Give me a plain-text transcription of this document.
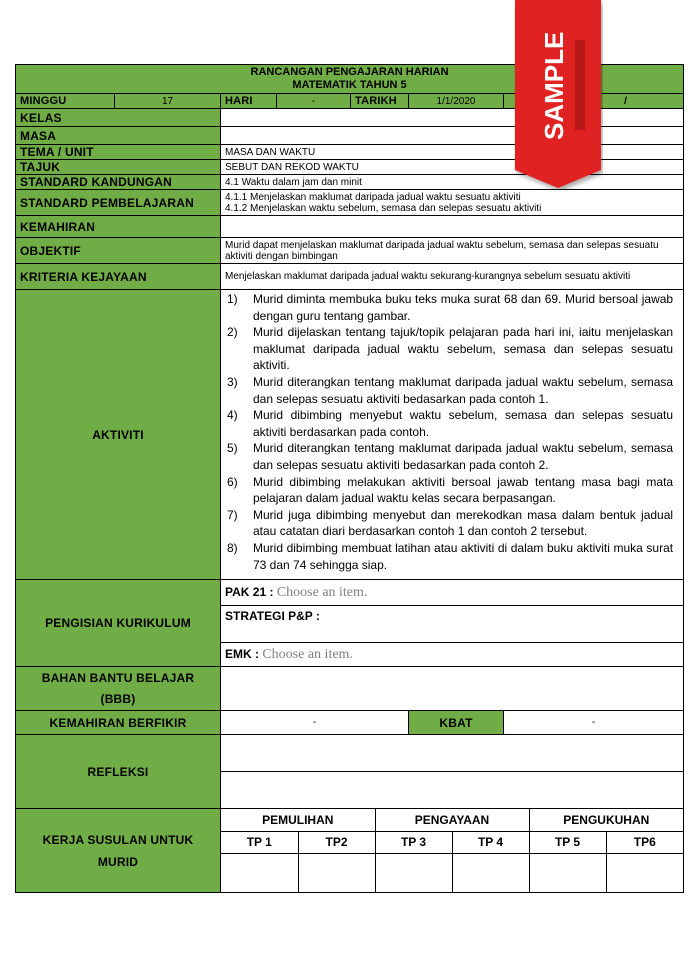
RANCANGAN PENGAJARAN HARIAN
MATEMATIK TAHUN 5

MINGGU	17	HARI	-	TARIKH	1/1/2020	/
KELAS	
MASA	
TEMA / UNIT	MASA DAN WAKTU
TAJUK	SEBUT DAN REKOD WAKTU
STANDARD KANDUNGAN	4.1 Waktu dalam jam dan minit
STANDARD PEMBELAJARAN	4.1.1 Menjelaskan maklumat daripada jadual waktu sesuatu aktiviti
4.1.2 Menjelaskan waktu sebelum, semasa dan selepas sesuatu aktiviti

KEMAHIRAN	
OBJEKTIF	Murid dapat menjelaskan maklumat daripada jadual waktu sebelum, semasa dan selepas sesuatu aktiviti dengan bimbingan
KRITERIA KEJAYAAN	Menjelaskan maklumat daripada jadual waktu sekurang-kurangnya sebelum sesuatu aktiviti
AKTIVITI	
1)	Murid diminta membuka buku teks muka surat 68 dan 69. Murid bersoal jawab dengan guru tentang gambar.
2)	Murid dijelaskan tentang tajuk/topik pelajaran pada hari ini, iaitu menjelaskan maklumat daripada jadual waktu sebelum, semasa dan selepas sesuatu aktiviti.
3)	Murid diterangkan tentang maklumat daripada jadual waktu sebelum, semasa dan selepas sesuatu aktiviti bedasarkan pada contoh 1.
4)	Murid dibimbing menyebut waktu sebelum, semasa dan selepas sesuatu aktiviti berdasarkan pada contoh.
5)	Murid diterangkan tentang maklumat daripada jadual waktu sebelum, semasa dan selepas sesuatu aktiviti bedasarkan pada contoh 2.
6)	Murid dibimbing melakukan aktiviti bersoal jawab tentang masa bagi mata pelajaran dalam jadual waktu kelas secara berpasangan.
7)	Murid juga dibimbing menyebut dan merekodkan masa dalam bentuk jadual atau catatan diari berdasarkan contoh 1 dan contoh 2 tersebut.
8)	Murid dibimbing membuat latihan atau aktiviti di dalam buku aktiviti muka surat 73 dan 74 sehingga siap.

PENGISIAN KURIKULUM	PAK 21 : Choose an item.
STRATEGI P&P :
EMK : Choose an item.

BAHAN BANTU BELAJAR
(BBB)

KEMAHIRAN BERFIKIR	-	KBAT	-
REFLEKSI	

KERJA SUSULAN UNTUK
MURID

PEMULIHAN	PENGAYAAN	PENGUKUHAN
TP 1	TP2	TP 3	TP 4	TP 5	TP6

SAMPLE
